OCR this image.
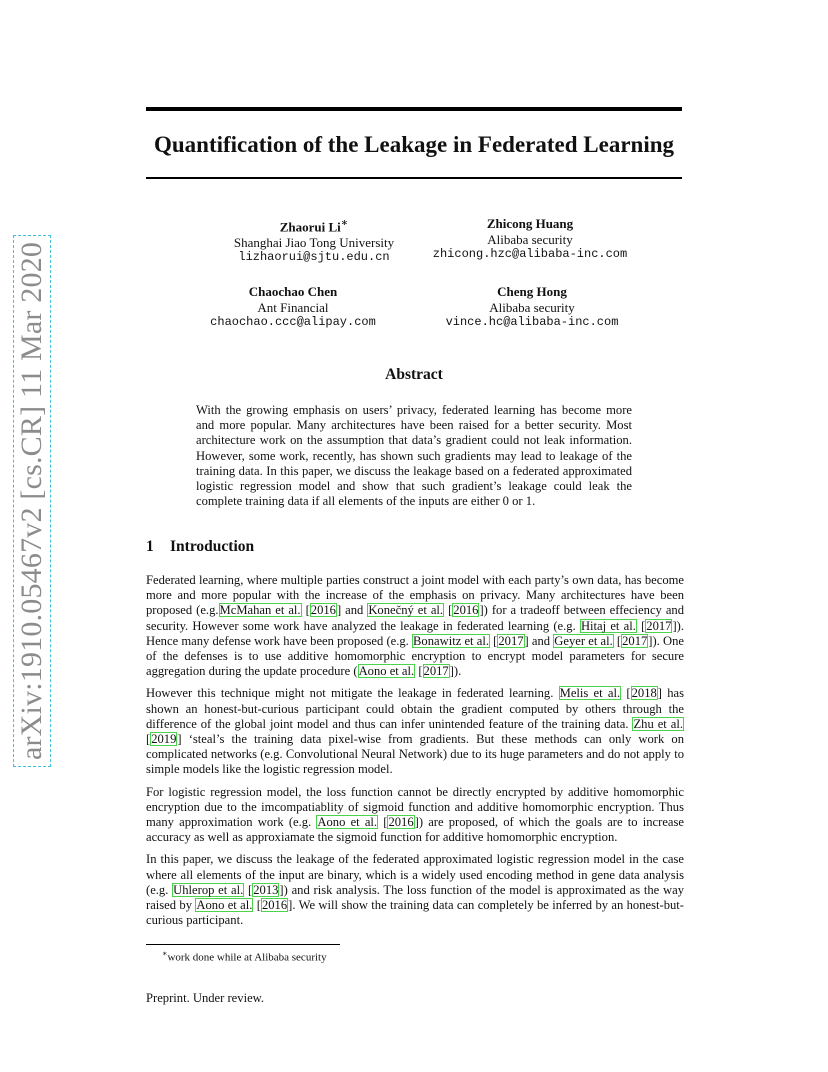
arXiv:1910.05467v2 [cs.CR] 11 Mar 2020
Quantification of the Leakage in Federated Learning
Zhaorui Li∗
Shanghai Jiao Tong University
lizhaorui@sjtu.edu.cn
Zhicong Huang
Alibaba security
zhicong.hzc@alibaba-inc.com
Chaochao Chen
Ant Financial
chaochao.ccc@alipay.com
Cheng Hong
Alibaba security
vince.hc@alibaba-inc.com
Abstract
With the growing emphasis on users’ privacy, federated learning has become more and more popular. Many architectures have been raised for a better security. Most architecture work on the assumption that data’s gradient could not leak information. However, some work, recently, has shown such gradients may lead to leakage of the training data. In this paper, we discuss the leakage based on a federated approximated logistic regression model and show that such gradient’s leakage could leak the complete training data if all elements of the inputs are either 0 or 1.
1 Introduction

Federated learning, where multiple parties construct a joint model with each party’s own data, has become more and more popular with the increase of the emphasis on privacy. Many architectures have been proposed (e.g.McMahan et al. [2016] and Konečný et al. [2016]) for a tradeoff between effeciency and security. However some work have analyzed the leakage in federated learning (e.g. Hitaj et al. [2017]). Hence many defense work have been proposed (e.g. Bonawitz et al. [2017] and Geyer et al. [2017]). One of the defenses is to use additive homomorphic encryption to encrypt model parameters for secure aggregation during the update procedure (Aono et al. [2017]).

However this technique might not mitigate the leakage in federated learning. Melis et al. [2018] has shown an honest-but-curious participant could obtain the gradient computed by others through the difference of the global joint model and thus can infer unintended feature of the training data. Zhu et al. [2019] ‘steal’s the training data pixel-wise from gradients. But these methods can only work on complicated networks (e.g. Convolutional Neural Network) due to its huge parameters and do not apply to simple models like the logistic regression model.

For logistic regression model, the loss function cannot be directly encrypted by additive homomorphic encryption due to the imcompatiablity of sigmoid function and additive homomorphic encryption. Thus many approximation work (e.g. Aono et al. [2016]) are proposed, of which the goals are to increase accuracy as well as approxiamate the sigmoid function for additive homomorphic encryption.

In this paper, we discuss the leakage of the federated approximated logistic regression model in the case where all elements of the input are binary, which is a widely used encoding method in gene data analysis (e.g. Uhlerop et al. [2013]) and risk analysis. The loss function of the model is approximated as the way raised by Aono et al. [2016]. We will show the training data can completely be inferred by an honest-but-curious participant.

∗work done while at Alibaba security
Preprint. Under review.
